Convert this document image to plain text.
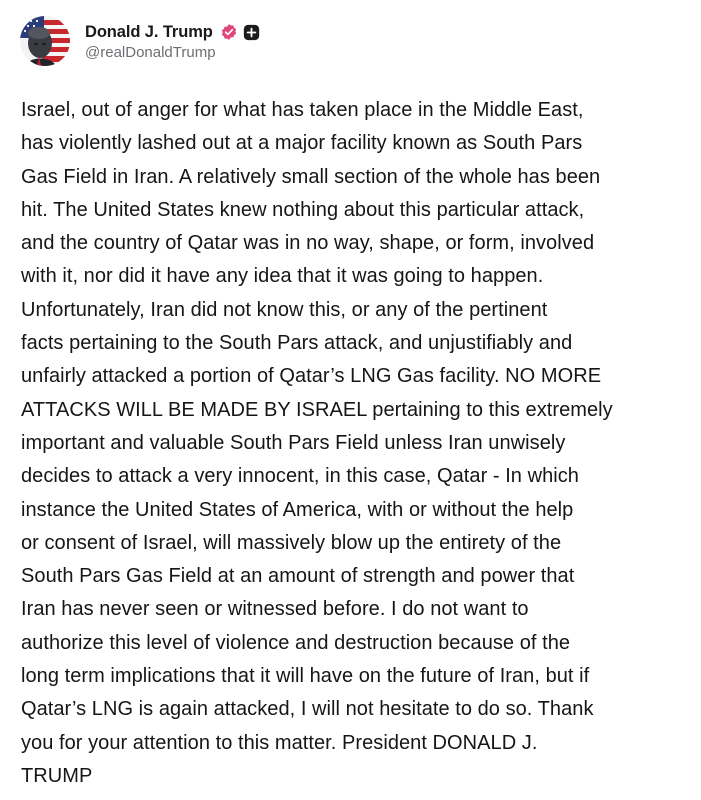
Donald J. Trump
@realDonaldTrump
Israel, out of anger for what has taken place in the Middle East,
has violently lashed out at a major facility known as South Pars
Gas Field in Iran. A relatively small section of the whole has been
hit. The United States knew nothing about this particular attack,
and the country of Qatar was in no way, shape, or form, involved
with it, nor did it have any idea that it was going to happen.
Unfortunately, Iran did not know this, or any of the pertinent
facts pertaining to the South Pars attack, and unjustifiably and
unfairly attacked a portion of Qatar’s LNG Gas facility. NO MORE
ATTACKS WILL BE MADE BY ISRAEL pertaining to this extremely
important and valuable South Pars Field unless Iran unwisely
decides to attack a very innocent, in this case, Qatar - In which
instance the United States of America, with or without the help
or consent of Israel, will massively blow up the entirety of the
South Pars Gas Field at an amount of strength and power that
Iran has never seen or witnessed before. I do not want to
authorize this level of violence and destruction because of the
long term implications that it will have on the future of Iran, but if
Qatar’s LNG is again attacked, I will not hesitate to do so. Thank
you for your attention to this matter. President DONALD J.
TRUMP
